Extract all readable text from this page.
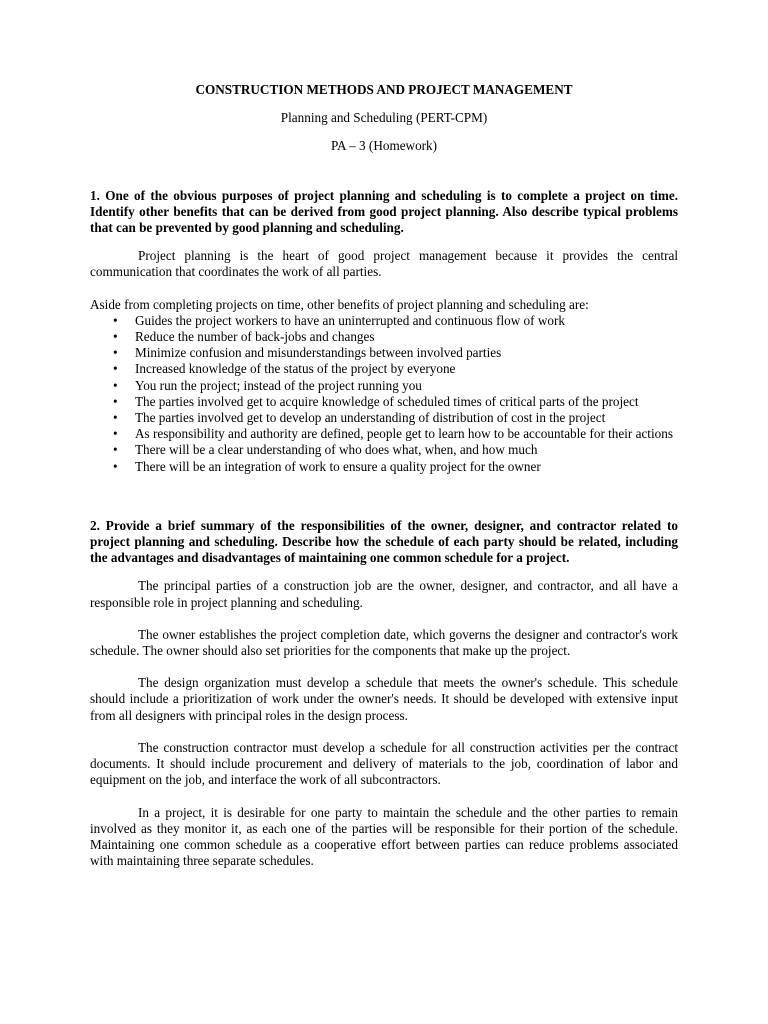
CONSTRUCTION METHODS AND PROJECT MANAGEMENT

Planning and Scheduling (PERT-CPM)

PA – 3 (Homework)

1. One of the obvious purposes of project planning and scheduling is to complete a project on time. Identify other benefits that can be derived from good project planning. Also describe typical problems that can be prevented by good planning and scheduling.

Project planning is the heart of good project management because it provides the central communication that coordinates the work of all parties.

Aside from completing projects on time, other benefits of project planning and scheduling are:

• Guides the project workers to have an uninterrupted and continuous flow of work
• Reduce the number of back-jobs and changes
• Minimize confusion and misunderstandings between involved parties
• Increased knowledge of the status of the project by everyone
• You run the project; instead of the project running you
• The parties involved get to acquire knowledge of scheduled times of critical parts of the project
• The parties involved get to develop an understanding of distribution of cost in the project
• As responsibility and authority are defined, people get to learn how to be accountable for their actions
• There will be a clear understanding of who does what, when, and how much
• There will be an integration of work to ensure a quality project for the owner

2. Provide a brief summary of the responsibilities of the owner, designer, and contractor related to project planning and scheduling. Describe how the schedule of each party should be related, including the advantages and disadvantages of maintaining one common schedule for a project.

The principal parties of a construction job are the owner, designer, and contractor, and all have a responsible role in project planning and scheduling.

The owner establishes the project completion date, which governs the designer and contractor's work schedule. The owner should also set priorities for the components that make up the project.

The design organization must develop a schedule that meets the owner's schedule. This schedule should include a prioritization of work under the owner's needs. It should be developed with extensive input from all designers with principal roles in the design process.

The construction contractor must develop a schedule for all construction activities per the contract documents. It should include procurement and delivery of materials to the job, coordination of labor and equipment on the job, and interface the work of all subcontractors.

In a project, it is desirable for one party to maintain the schedule and the other parties to remain involved as they monitor it, as each one of the parties will be responsible for their portion of the schedule. Maintaining one common schedule as a cooperative effort between parties can reduce problems associated with maintaining three separate schedules.
